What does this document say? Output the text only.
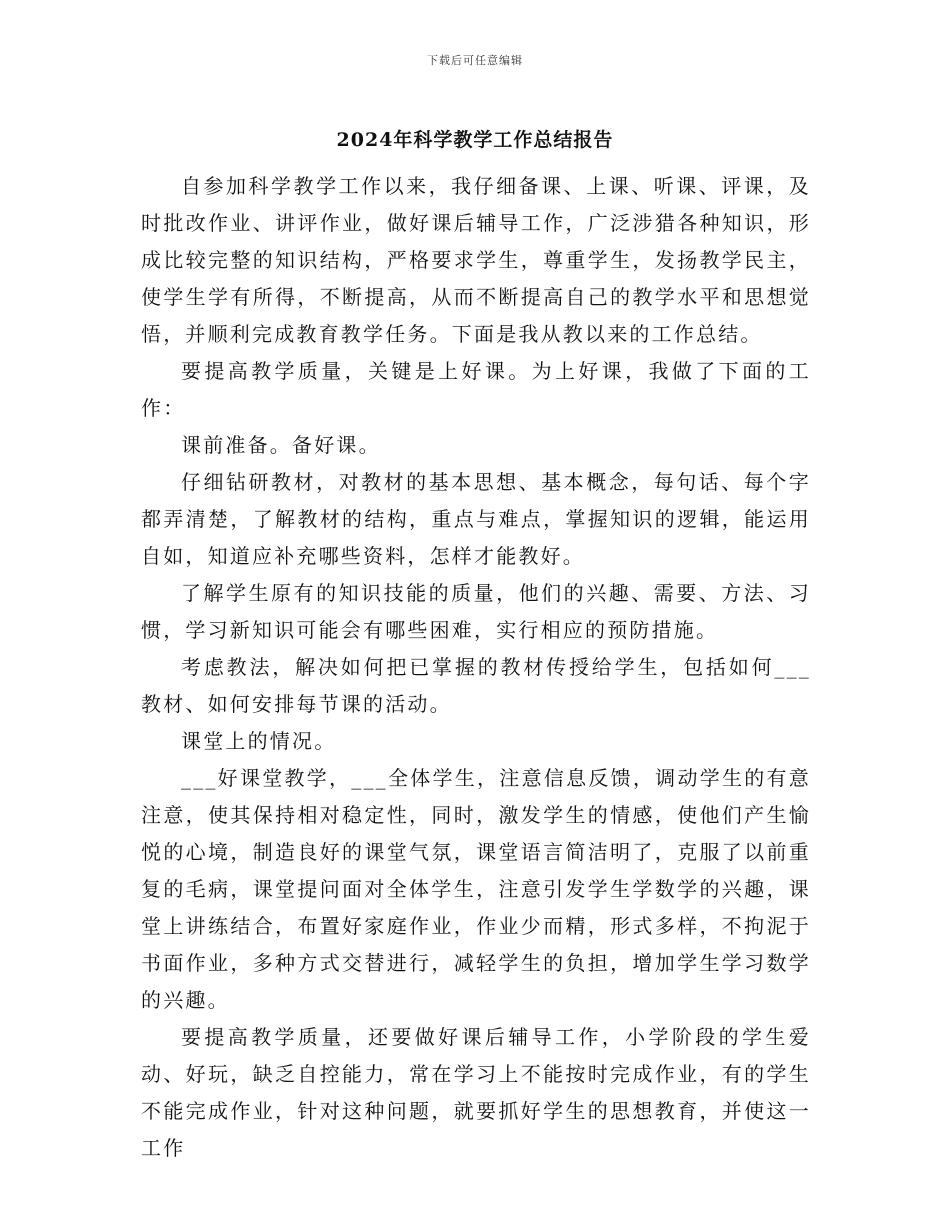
下载后可任意编辑
2024年科学教学工作总结报告

自参加科学教学工作以来，我仔细备课、上课、听课、评课，及时批改作业、讲评作业，做好课后辅导工作，广泛涉猎各种知识，形成比较完整的知识结构，严格要求学生，尊重学生，发扬教学民主，使学生学有所得，不断提高，从而不断提高自己的教学水平和思想觉悟，并顺利完成教育教学任务。下面是我从教以来的工作总结。

要提高教学质量，关键是上好课。为上好课，我做了下面的工作：

课前准备。备好课。

仔细钻研教材，对教材的基本思想、基本概念，每句话、每个字都弄清楚，了解教材的结构，重点与难点，掌握知识的逻辑，能运用自如，知道应补充哪些资料，怎样才能教好。

了解学生原有的知识技能的质量，他们的兴趣、需要、方法、习惯，学习新知识可能会有哪些困难，实行相应的预防措施。

考虑教法，解决如何把已掌握的教材传授给学生，包括如何___教材、如何安排每节课的活动。

课堂上的情况。

___好课堂教学，___全体学生，注意信息反馈，调动学生的有意注意，使其保持相对稳定性，同时，激发学生的情感，使他们产生愉悦的心境，制造良好的课堂气氛，课堂语言简洁明了，克服了以前重复的毛病，课堂提问面对全体学生，注意引发学生学数学的兴趣，课堂上讲练结合，布置好家庭作业，作业少而精，形式多样，不拘泥于书面作业，多种方式交替进行，减轻学生的负担，增加学生学习数学的兴趣。

要提高教学质量，还要做好课后辅导工作，小学阶段的学生爱动、好玩，缺乏自控能力，常在学习上不能按时完成作业，有的学生不能完成作业，针对这种问题，就要抓好学生的思想教育，并使这一工作
